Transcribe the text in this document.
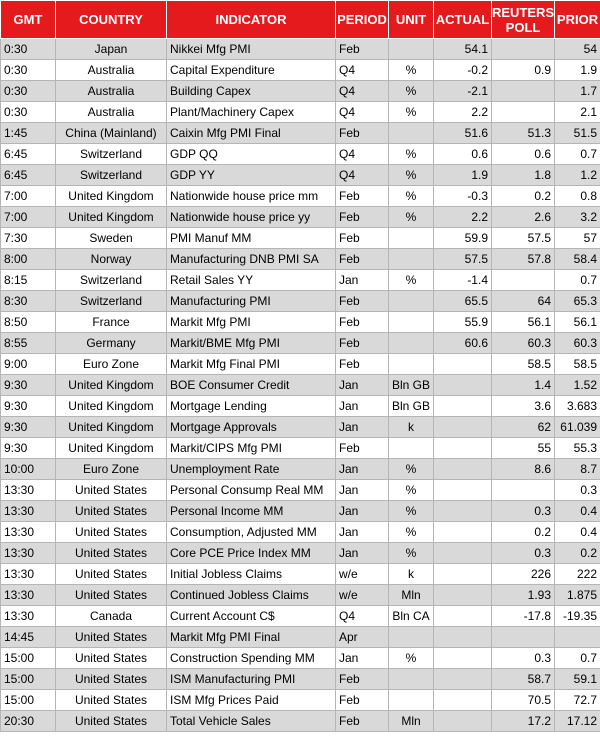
GMT	COUNTRY	INDICATOR	PERIOD	UNIT	ACTUAL	REUTERS
POLL	PRIOR
0:30	Japan	Nikkei Mfg PMI	Feb		54.1		54
0:30	Australia	Capital Expenditure	Q4	%	-0.2	0.9	1.9
0:30	Australia	Building Capex	Q4	%	-2.1		1.7
0:30	Australia	Plant/Machinery Capex	Q4	%	2.2		2.1
1:45	China (Mainland)	Caixin Mfg PMI Final	Feb		51.6	51.3	51.5
6:45	Switzerland	GDP QQ	Q4	%	0.6	0.6	0.7
6:45	Switzerland	GDP YY	Q4	%	1.9	1.8	1.2
7:00	United Kingdom	Nationwide house price mm	Feb	%	-0.3	0.2	0.8
7:00	United Kingdom	Nationwide house price yy	Feb	%	2.2	2.6	3.2
7:30	Sweden	PMI Manuf MM	Feb		59.9	57.5	57
8:00	Norway	Manufacturing DNB PMI SA	Feb		57.5	57.8	58.4
8:15	Switzerland	Retail Sales YY	Jan	%	-1.4		0.7
8:30	Switzerland	Manufacturing PMI	Feb		65.5	64	65.3
8:50	France	Markit Mfg PMI	Feb		55.9	56.1	56.1
8:55	Germany	Markit/BME Mfg PMI	Feb		60.6	60.3	60.3
9:00	Euro Zone	Markit Mfg Final PMI	Feb			58.5	58.5
9:30	United Kingdom	BOE Consumer Credit	Jan	Bln GB		1.4	1.52
9:30	United Kingdom	Mortgage Lending	Jan	Bln GB		3.6	3.683
9:30	United Kingdom	Mortgage Approvals	Jan	k		62	61.039
9:30	United Kingdom	Markit/CIPS Mfg PMI	Feb			55	55.3
10:00	Euro Zone	Unemployment Rate	Jan	%		8.6	8.7
13:30	United States	Personal Consump Real MM	Jan	%			0.3
13:30	United States	Personal Income MM	Jan	%		0.3	0.4
13:30	United States	Consumption, Adjusted MM	Jan	%		0.2	0.4
13:30	United States	Core PCE Price Index MM	Jan	%		0.3	0.2
13:30	United States	Initial Jobless Claims	w/e	k		226	222
13:30	United States	Continued Jobless Claims	w/e	Mln		1.93	1.875
13:30	Canada	Current Account C$	Q4	Bln CA		-17.8	-19.35
14:45	United States	Markit Mfg PMI Final	Apr				
15:00	United States	Construction Spending MM	Jan	%		0.3	0.7
15:00	United States	ISM Manufacturing PMI	Feb			58.7	59.1
15:00	United States	ISM Mfg Prices Paid	Feb			70.5	72.7
20:30	United States	Total Vehicle Sales	Feb	Mln		17.2	17.12
